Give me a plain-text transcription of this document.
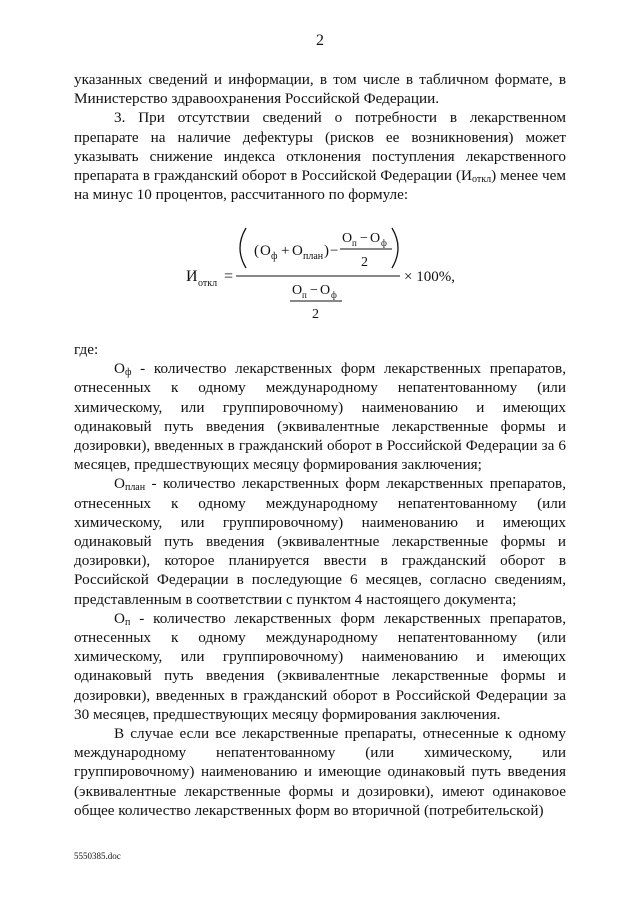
2

указанных сведений и информации, в том числе в табличном формате, в Министерство здравоохранения Российской Федерации.

3. При отсутствии сведений о потребности в лекарственном препарате на наличие дефектуры (рисков ее возникновения) может указывать снижение индекса отклонения поступления лекарственного препарата в гражданский оборот в Российской Федерации $(И_{откл})$ менее чем на минус 10 процентов, рассчитанного по формуле:

И откл =
( О ф + О план ) −
О п − О ф
2
× 100%,
О п − О ф
2

где:

$О_ф$ - количество лекарственных форм лекарственных препаратов, отнесенных к одному международному непатентованному (или химическому, или группировочному) наименованию и имеющих одинаковый путь введения (эквивалентные лекарственные формы и дозировки), введенных в гражданский оборот в Российской Федерации за 6 месяцев, предшествующих месяцу формирования заключения;

$О_{план}$ - количество лекарственных форм лекарственных препаратов, отнесенных к одному международному непатентованному (или химическому, или группировочному) наименованию и имеющих одинаковый путь введения (эквивалентные лекарственные формы и дозировки), которое планируется ввести в гражданский оборот в Российской Федерации в последующие 6 месяцев, согласно сведениям, представленным в соответствии с пунктом 4 настоящего документа;

$О_п$ - количество лекарственных форм лекарственных препаратов, отнесенных к одному международному непатентованному (или химическому, или группировочному) наименованию и имеющих одинаковый путь введения (эквивалентные лекарственные формы и дозировки), введенных в гражданский оборот в Российской Федерации за 30 месяцев, предшествующих месяцу формирования заключения.

В случае если все лекарственные препараты, отнесенные к одному международному непатентованному (или химическому, или группировочному) наименованию и имеющие одинаковый путь введения (эквивалентные лекарственные формы и дозировки), имеют одинаковое общее количество лекарственных форм во вторичной (потребительской)

5550385.doc
